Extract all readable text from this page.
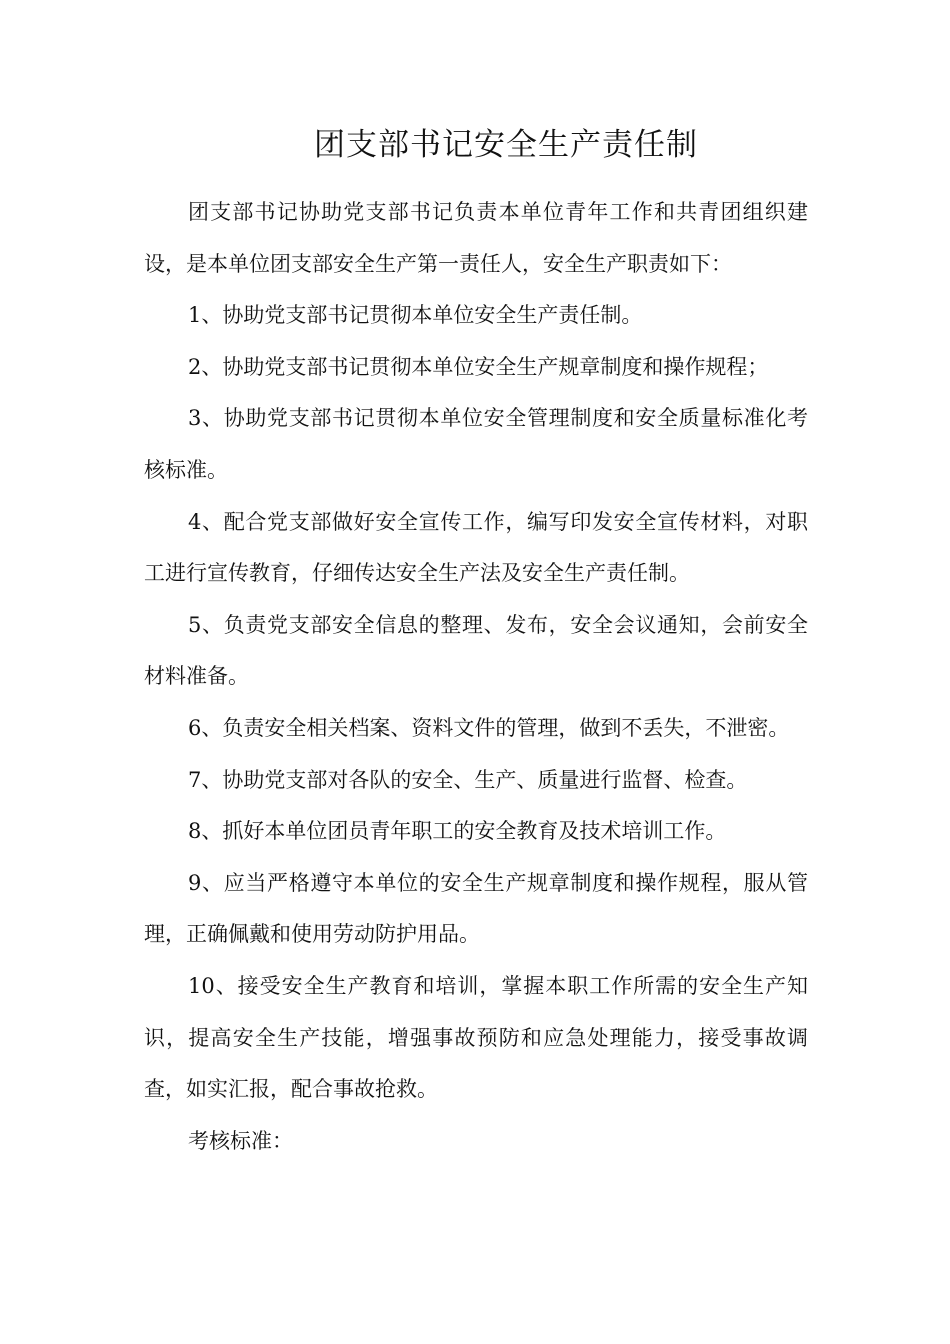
团支部书记安全生产责任制

团支部书记协助党支部书记负责本单位青年工作和共青团组织建设，是本单位团支部安全生产第一责任人，安全生产职责如下：

1、协助党支部书记贯彻本单位安全生产责任制。

2、协助党支部书记贯彻本单位安全生产规章制度和操作规程；

3、协助党支部书记贯彻本单位安全管理制度和安全质量标准化考核标准。

4、配合党支部做好安全宣传工作，编写印发安全宣传材料，对职工进行宣传教育，仔细传达安全生产法及安全生产责任制。

5、负责党支部安全信息的整理、发布，安全会议通知，会前安全材料准备。

6、负责安全相关档案、资料文件的管理，做到不丢失，不泄密。

7、协助党支部对各队的安全、生产、质量进行监督、检查。

8、抓好本单位团员青年职工的安全教育及技术培训工作。

9、应当严格遵守本单位的安全生产规章制度和操作规程，服从管理，正确佩戴和使用劳动防护用品。

10、接受安全生产教育和培训，掌握本职工作所需的安全生产知识，提高安全生产技能，增强事故预防和应急处理能力，接受事故调查，如实汇报，配合事故抢救。

考核标准：
